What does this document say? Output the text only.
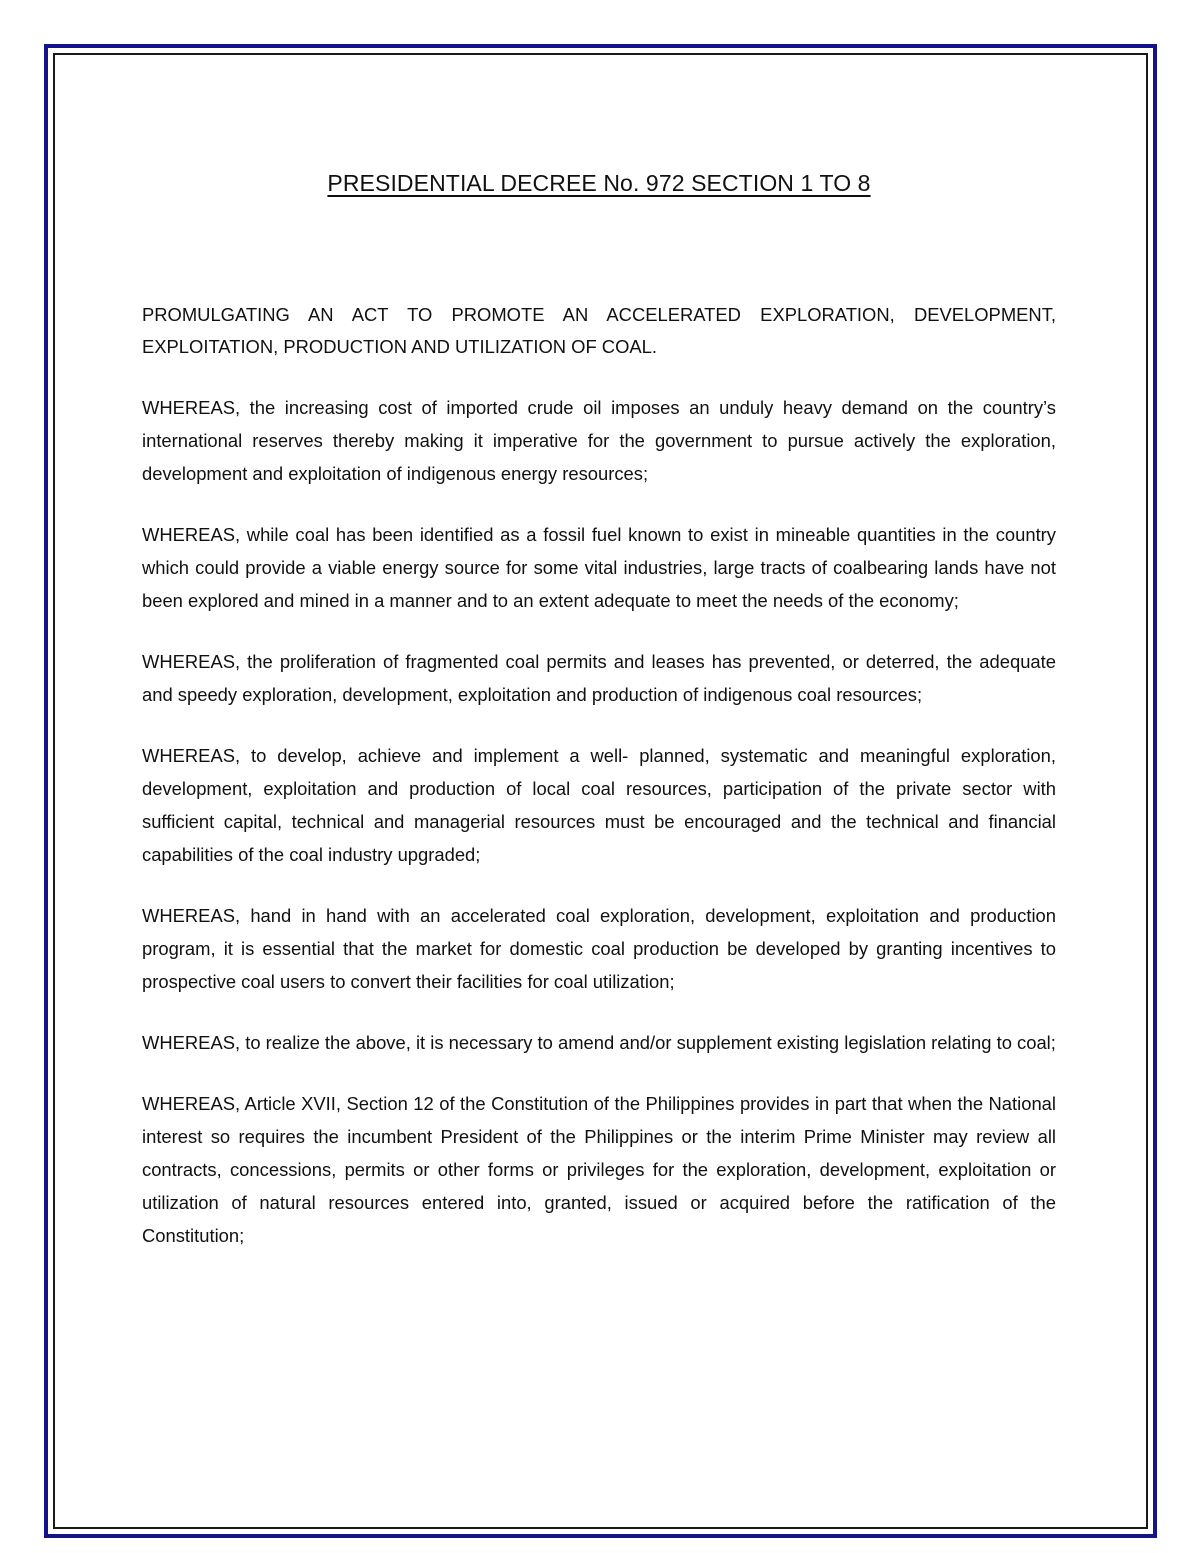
PRESIDENTIAL DECREE No. 972 SECTION 1 TO 8

PROMULGATING AN ACT TO PROMOTE AN ACCELERATED EXPLORATION, DEVELOPMENT, EXPLOITATION, PRODUCTION AND UTILIZATION OF COAL.

WHEREAS, the increasing cost of imported crude oil imposes an unduly heavy demand on the country’s international reserves thereby making it imperative for the government to pursue actively the exploration, development and exploitation of indigenous energy resources;

WHEREAS, while coal has been identified as a fossil fuel known to exist in mineable quantities in the country which could provide a viable energy source for some vital industries, large tracts of coalbearing lands have not been explored and mined in a manner and to an extent adequate to meet the needs of the economy;

WHEREAS, the proliferation of fragmented coal permits and leases has prevented, or deterred, the adequate and speedy exploration, development, exploitation and production of indigenous coal resources;

WHEREAS, to develop, achieve and implement a well- planned, systematic and meaningful exploration, development, exploitation and production of local coal resources, participation of the private sector with sufficient capital, technical and managerial resources must be encouraged and the technical and financial capabilities of the coal industry upgraded;

WHEREAS, hand in hand with an accelerated coal exploration, development, exploitation and production program, it is essential that the market for domestic coal production be developed by granting incentives to prospective coal users to convert their facilities for coal utilization;

WHEREAS, to realize the above, it is necessary to amend and/or supplement existing legislation relating to coal;

WHEREAS, Article XVII, Section 12 of the Constitution of the Philippines provides in part that when the National interest so requires the incumbent President of the Philippines or the interim Prime Minister may review all contracts, concessions, permits or other forms or privileges for the exploration, development, exploitation or utilization of natural resources entered into, granted, issued or acquired before the ratification of the Constitution;
